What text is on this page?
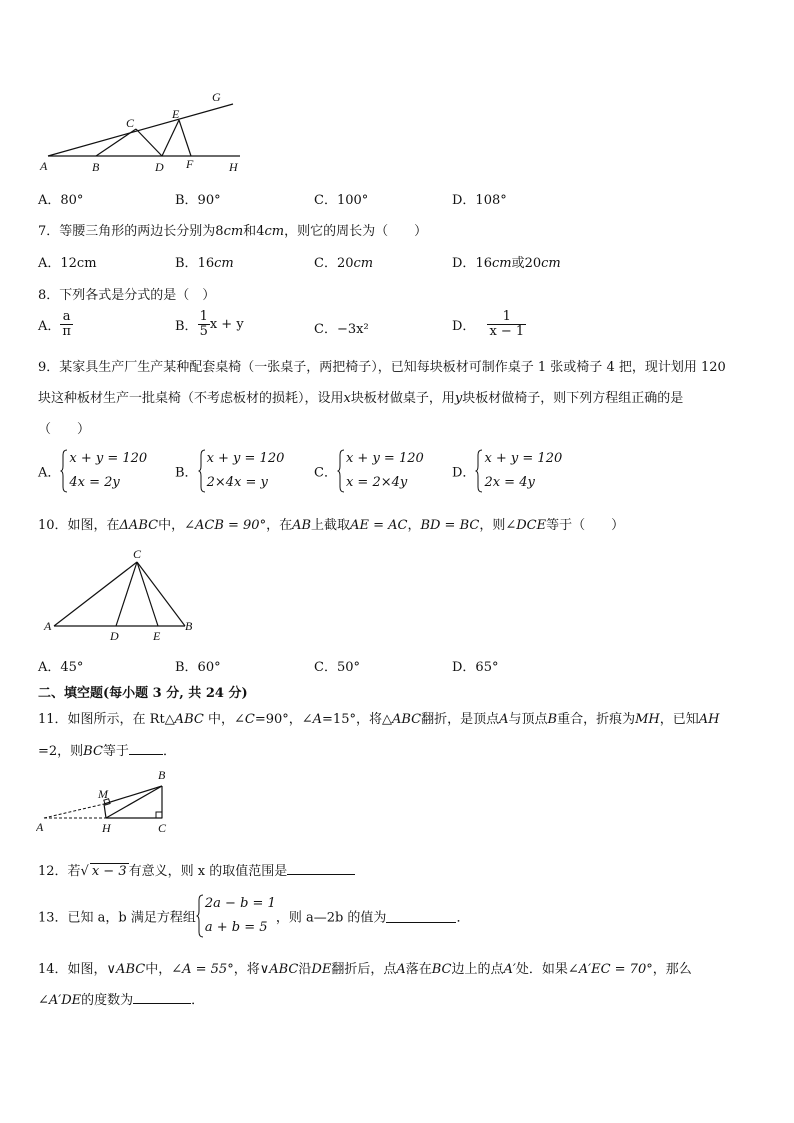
G
C
E
A	B	D F	H
A．80°	B．90°	C．100°	D．108°
7．等腰三角形的两边长分别为8cm和4cm，则它的周长为（　　）
A．12cm	B．16cm	C．20cm	D．16cm或20cm
8．下列各式是分式的是（　）
A． $\frac{a}{\pi}$	B． $\frac{1}{5}$ x + y	C．−3x²	D． $\frac{1}{x - 1}$
9．某家具生产厂生产某种配套桌椅（一张桌子，两把椅子），已知每块板材可制作桌子 1 张或椅子 4 把，现计划用 120
块这种板材生产一批桌椅（不考虑板材的损耗），设用x块板材做桌子，用y块板材做椅子，则下列方程组正确的是
（　　）
A．
x + y = 120
4x = 2y
B．
x + y = 120
2×4x = y
C．
x + y = 120
x = 2×4y
D．
x + y = 120
2x = 4y
10．如图，在ΔABC中，∠ACB = 90°，在AB上截取AE = AC，BD = BC，则∠DCE等于（　　）
C
A
D	E
B
A．45°	B．60°	C．50°	D．65°
二、填空题(每小题 3 分, 共 24 分)
11．如图所示，在 Rt△ABC 中，∠C=90°，∠A=15°，将△ABC翻折，是顶点A与顶点B重合，折痕为MH，已知AH
=2，则BC等于	．
B
M
A	H	C
12．若√ x − 3 有意义，则 x 的取值范围是
13．已知 a，b 满足方程组
2a − b = 1
a + b = 5
，则 a—2b 的值为	．
14．如图，∨ABC中，∠A = 55°，将∨ABC沿DE翻折后，点A落在BC边上的点A′处．如果∠A′EC = 70°，那么
∠A′DE的度数为	．
